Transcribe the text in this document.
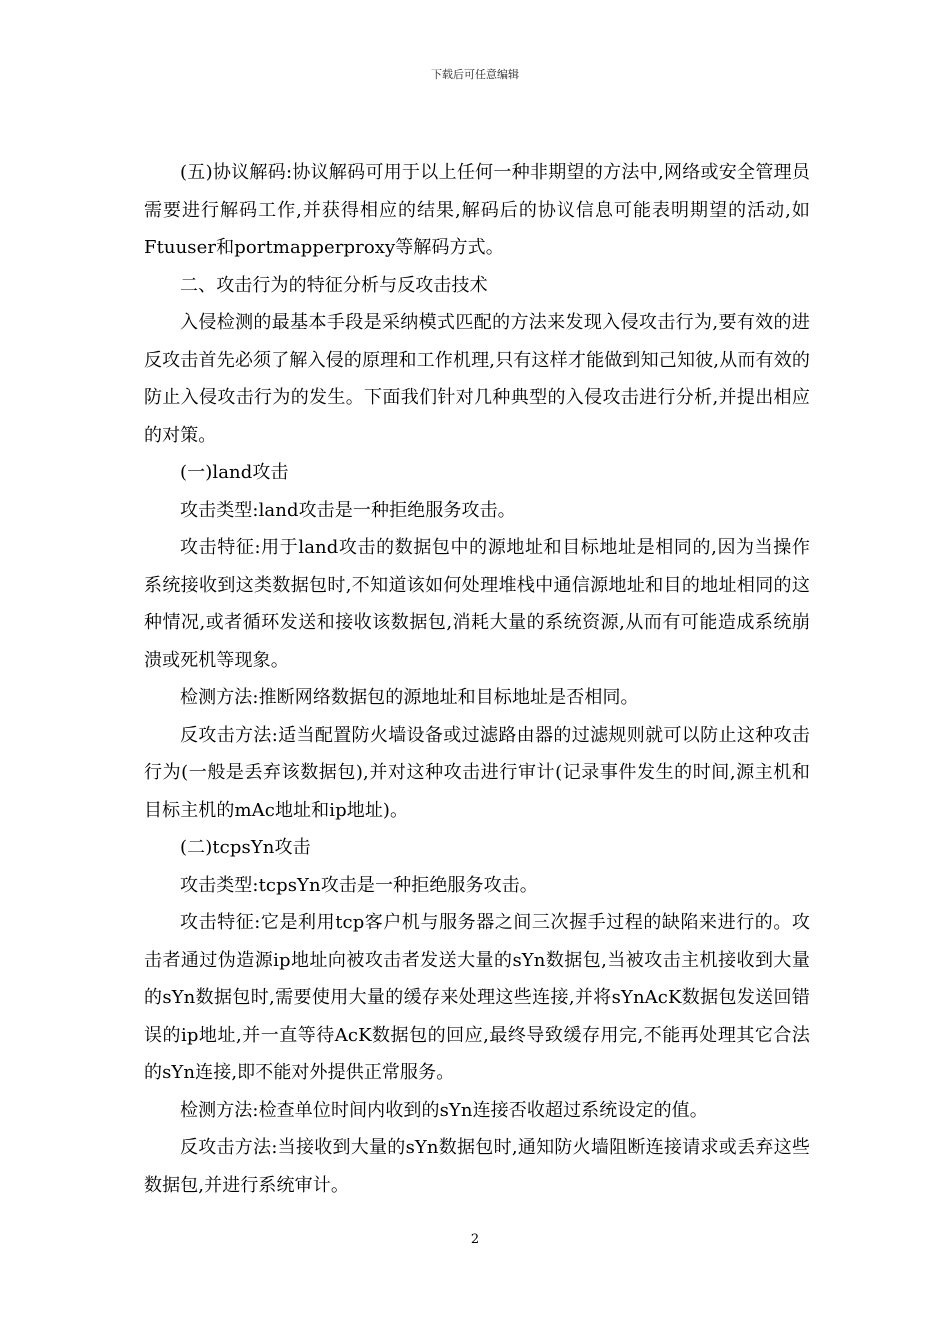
下载后可任意编辑

(五)协议解码:协议解码可用于以上任何一种非期望的方法中,网络或安全管理员需要进行解码工作,并获得相应的结果,解码后的协议信息可能表明期望的活动,如Ftuuser和portmapperproxy等解码方式。

二、攻击行为的特征分析与反攻击技术

入侵检测的最基本手段是采纳模式匹配的方法来发现入侵攻击行为,要有效的进反攻击首先必须了解入侵的原理和工作机理,只有这样才能做到知己知彼,从而有效的防止入侵攻击行为的发生。下面我们针对几种典型的入侵攻击进行分析,并提出相应的对策。

(一)land攻击

攻击类型:land攻击是一种拒绝服务攻击。

攻击特征:用于land攻击的数据包中的源地址和目标地址是相同的,因为当操作系统接收到这类数据包时,不知道该如何处理堆栈中通信源地址和目的地址相同的这种情况,或者循环发送和接收该数据包,消耗大量的系统资源,从而有可能造成系统崩溃或死机等现象。

检测方法:推断网络数据包的源地址和目标地址是否相同。

反攻击方法:适当配置防火墙设备或过滤路由器的过滤规则就可以防止这种攻击行为(一般是丢弃该数据包),并对这种攻击进行审计(记录事件发生的时间,源主机和目标主机的mAc地址和ip地址)。

(二)tcpsYn攻击

攻击类型:tcpsYn攻击是一种拒绝服务攻击。

攻击特征:它是利用tcp客户机与服务器之间三次握手过程的缺陷来进行的。攻击者通过伪造源ip地址向被攻击者发送大量的sYn数据包,当被攻击主机接收到大量的sYn数据包时,需要使用大量的缓存来处理这些连接,并将sYnAcK数据包发送回错误的ip地址,并一直等待AcK数据包的回应,最终导致缓存用完,不能再处理其它合法的sYn连接,即不能对外提供正常服务。

检测方法:检查单位时间内收到的sYn连接否收超过系统设定的值。

反攻击方法:当接收到大量的sYn数据包时,通知防火墙阻断连接请求或丢弃这些数据包,并进行系统审计。

2
